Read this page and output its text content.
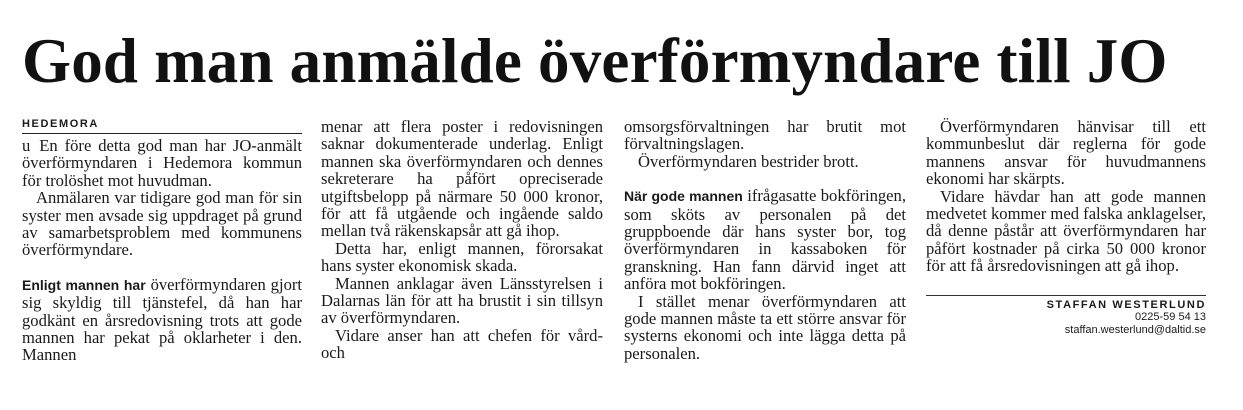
God man anmälde överförmyndare till JO
HEDEMORA

u En före detta god man har JO-anmält överförmyndaren i Hedemora kommun för trolöshet mot huvudman.

Anmälaren var tidigare god man för sin syster men avsade sig uppdraget på grund av samarbetsproblem med kommunens överförmyndare.

Enligt mannen har överförmyndaren gjort sig skyldig till tjänstefel, då han har godkänt en årsredovisning trots att gode mannen har pekat på oklarheter i den. Mannen

menar att flera poster i redovisningen saknar dokumenterade underlag. Enligt mannen ska överförmyndaren och dennes sekreterare ha påfört opreciserade utgiftsbelopp på närmare 50 000 kronor, för att få utgående och ingående saldo mellan två räkenskapsår att gå ihop.

Detta har, enligt mannen, förorsakat hans syster ekonomisk skada.

Mannen anklagar även Länsstyrelsen i Dalarnas län för att ha brustit i sin tillsyn av överförmyndaren.

Vidare anser han att chefen för vård- och

omsorgsförvaltningen har brutit mot förvaltningslagen.

Överförmyndaren bestrider brott.

När gode mannen ifrågasatte bokföringen, som sköts av personalen på det gruppboende där hans syster bor, tog överförmyndaren in kassaboken för granskning. Han fann därvid inget att anföra mot bokföringen.

I stället menar överförmyndaren att gode mannen måste ta ett större ansvar för systerns ekonomi och inte lägga detta på personalen.

Överförmyndaren hänvisar till ett kommunbeslut där reglerna för gode mannens ansvar för huvudmannens ekonomi har skärpts.

Vidare hävdar han att gode mannen medvetet kommer med falska anklagelser, då denne påstår att överförmyndaren har påfört kostnader på cirka 50 000 kronor för att få årsredovisningen att gå ihop.

STAFFAN WESTERLUND
0225-59 54 13
staffan.westerlund@daltid.se
